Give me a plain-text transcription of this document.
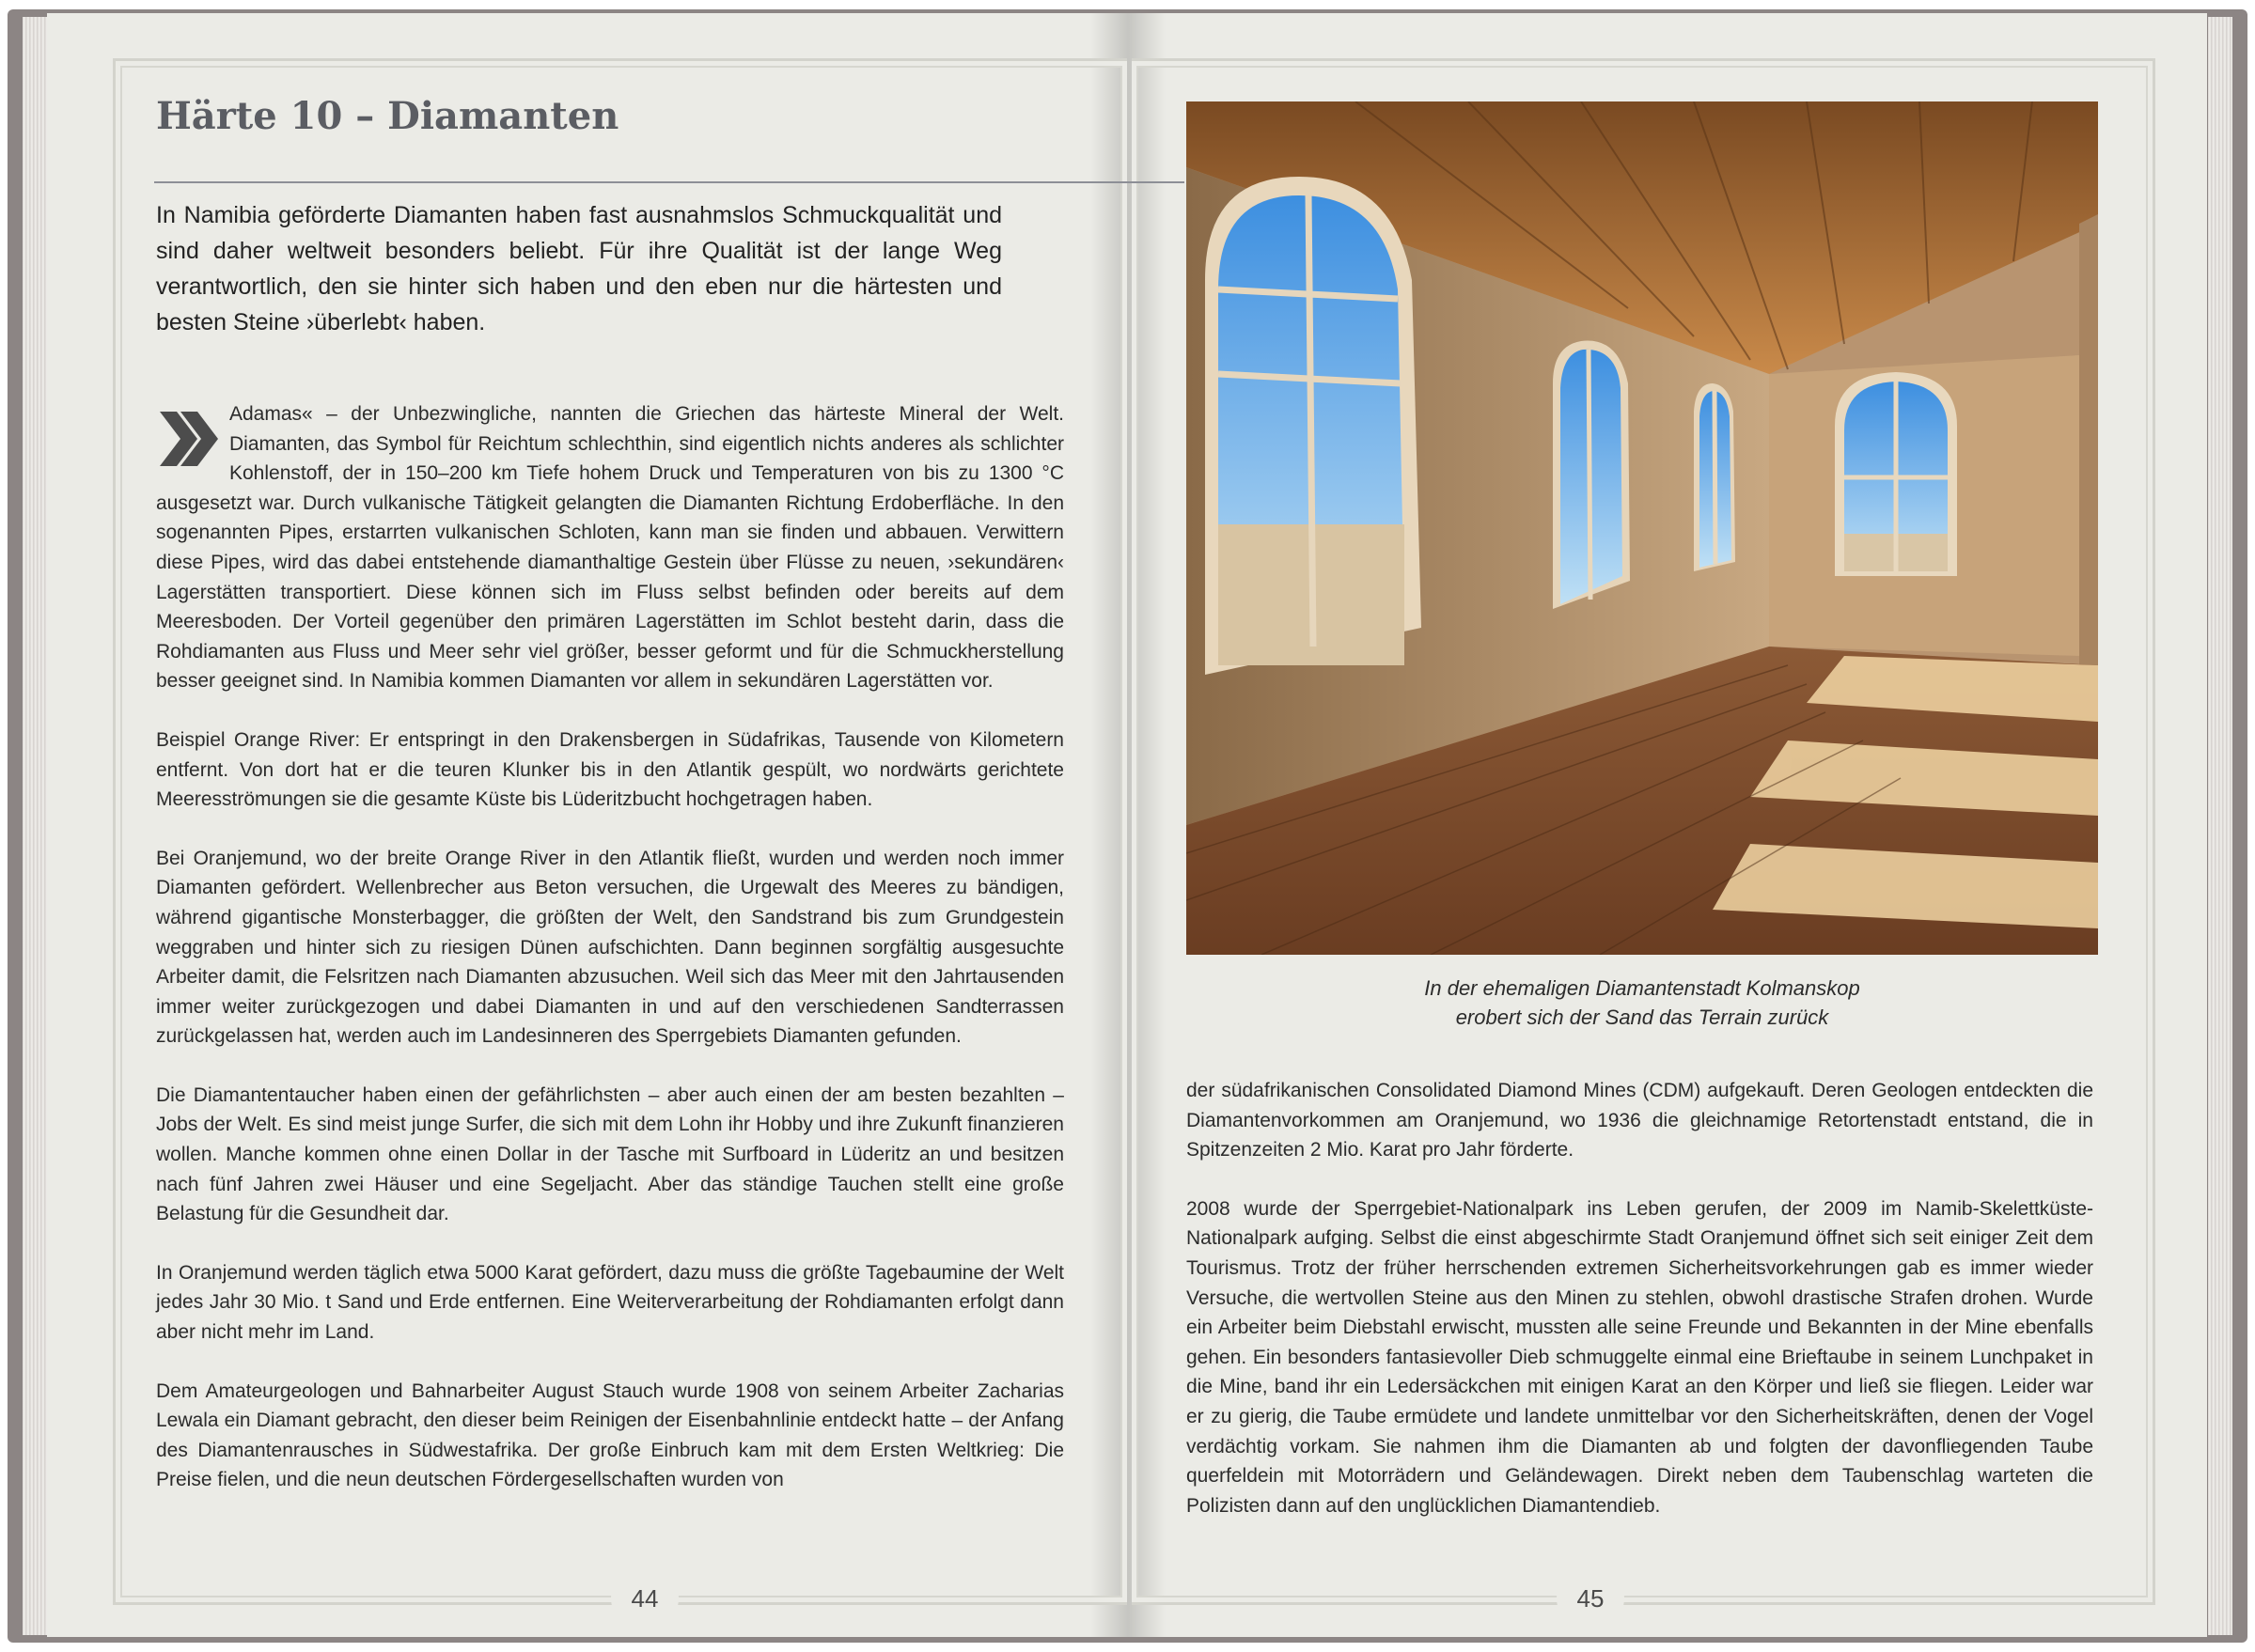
Härte 10 – Diamanten
In Namibia geförderte Diamanten haben fast ausnahmslos Schmuckqualität und sind daher weltweit besonders beliebt. Für ihre Qualität ist der lange Weg verantwortlich, den sie hinter sich haben und den eben nur die härtesten und besten Steine ›überlebt‹ haben.

Adamas« – der Unbezwingliche, nannten die Griechen das härteste Mineral der Welt. Diamanten, das Symbol für Reichtum schlechthin, sind eigentlich nichts anderes als schlichter Kohlenstoff, der in 150–200 km Tiefe hohem Druck und Temperaturen von bis zu 1300 °C ausgesetzt war. Durch vulkanische Tätigkeit gelangten die Diamanten Richtung Erdoberfläche. In den sogenannten Pipes, erstarrten vulkanischen Schloten, kann man sie finden und abbauen. Verwittern diese Pipes, wird das dabei entstehende diamanthaltige Gestein über Flüsse zu neuen, ›sekundären‹ Lagerstätten transportiert. Diese können sich im Fluss selbst befinden oder bereits auf dem Meeresboden. Der Vorteil gegenüber den primären Lagerstätten im Schlot besteht darin, dass die Rohdiamanten aus Fluss und Meer sehr viel größer, besser geformt und für die Schmuckherstellung besser geeignet sind. In Namibia kommen Diamanten vor allem in sekundären Lagerstätten vor.

Beispiel Orange River: Er entspringt in den Drakensbergen in Südafrikas, Tausende von Kilometern entfernt. Von dort hat er die teuren Klunker bis in den Atlantik gespült, wo nordwärts gerichtete Meeresströmungen sie die gesamte Küste bis Lüderitzbucht hochgetragen haben.

Bei Oranjemund, wo der breite Orange River in den Atlantik fließt, wurden und werden noch immer Diamanten gefördert. Wellenbrecher aus Beton versuchen, die Urgewalt des Meeres zu bändigen, während gigantische Monsterbagger, die größten der Welt, den Sandstrand bis zum Grundgestein weggraben und hinter sich zu riesigen Dünen aufschichten. Dann beginnen sorgfältig ausgesuchte Arbeiter damit, die Felsritzen nach Diamanten abzusuchen. Weil sich das Meer mit den Jahrtausenden immer weiter zurückgezogen und dabei Diamanten in und auf den verschiedenen Sandterrassen zurückgelassen hat, werden auch im Landesinneren des Sperrgebiets Diamanten gefunden.

Die Diamantentaucher haben einen der gefährlichsten – aber auch einen der am besten bezahlten – Jobs der Welt. Es sind meist junge Surfer, die sich mit dem Lohn ihr Hobby und ihre Zukunft finanzieren wollen. Manche kommen ohne einen Dollar in der Tasche mit Surfboard in Lüderitz an und besitzen nach fünf Jahren zwei Häuser und eine Segeljacht. Aber das ständige Tauchen stellt eine große Belastung für die Gesundheit dar.

In Oranjemund werden täglich etwa 5000 Karat gefördert, dazu muss die größte Tagebaumine der Welt jedes Jahr 30 Mio. t Sand und Erde entfernen. Eine Weiterverarbeitung der Rohdiamanten erfolgt dann aber nicht mehr im Land.

Dem Amateurgeologen und Bahnarbeiter August Stauch wurde 1908 von seinem Arbeiter Zacharias Lewala ein Diamant gebracht, den dieser beim Reinigen der Eisenbahnlinie entdeckt hatte – der Anfang des Diamantenrausches in Südwestafrika. Der große Einbruch kam mit dem Ersten Weltkrieg: Die Preise fielen, und die neun deutschen Fördergesellschaften wurden von

44
In der ehemaligen Diamantenstadt Kolmanskop
erobert sich der Sand das Terrain zurück

der südafrikanischen Consolidated Diamond Mines (CDM) aufgekauft. Deren Geologen entdeckten die Diamantenvorkommen am Oranjemund, wo 1936 die gleichnamige Retortenstadt entstand, die in Spitzenzeiten 2 Mio. Karat pro Jahr förderte.

2008 wurde der Sperrgebiet-Nationalpark ins Leben gerufen, der 2009 im Namib-Skelettküste-Nationalpark aufging. Selbst die einst abgeschirmte Stadt Oranjemund öffnet sich seit einiger Zeit dem Tourismus. Trotz der früher herrschenden extremen Sicherheitsvorkehrungen gab es immer wieder Versuche, die wertvollen Steine aus den Minen zu stehlen, obwohl drastische Strafen drohen. Wurde ein Arbeiter beim Diebstahl erwischt, mussten alle seine Freunde und Bekannten in der Mine ebenfalls gehen. Ein besonders fantasievoller Dieb schmuggelte einmal eine Brieftaube in seinem Lunchpaket in die Mine, band ihr ein Ledersäckchen mit einigen Karat an den Körper und ließ sie fliegen. Leider war er zu gierig, die Taube ermüdete und landete unmittelbar vor den Sicherheitskräften, denen der Vogel verdächtig vorkam. Sie nahmen ihm die Diamanten ab und folgten der davonfliegenden Taube querfeldein mit Motorrädern und Geländewagen. Direkt neben dem Taubenschlag warteten die Polizisten dann auf den unglücklichen Diamantendieb.

45
